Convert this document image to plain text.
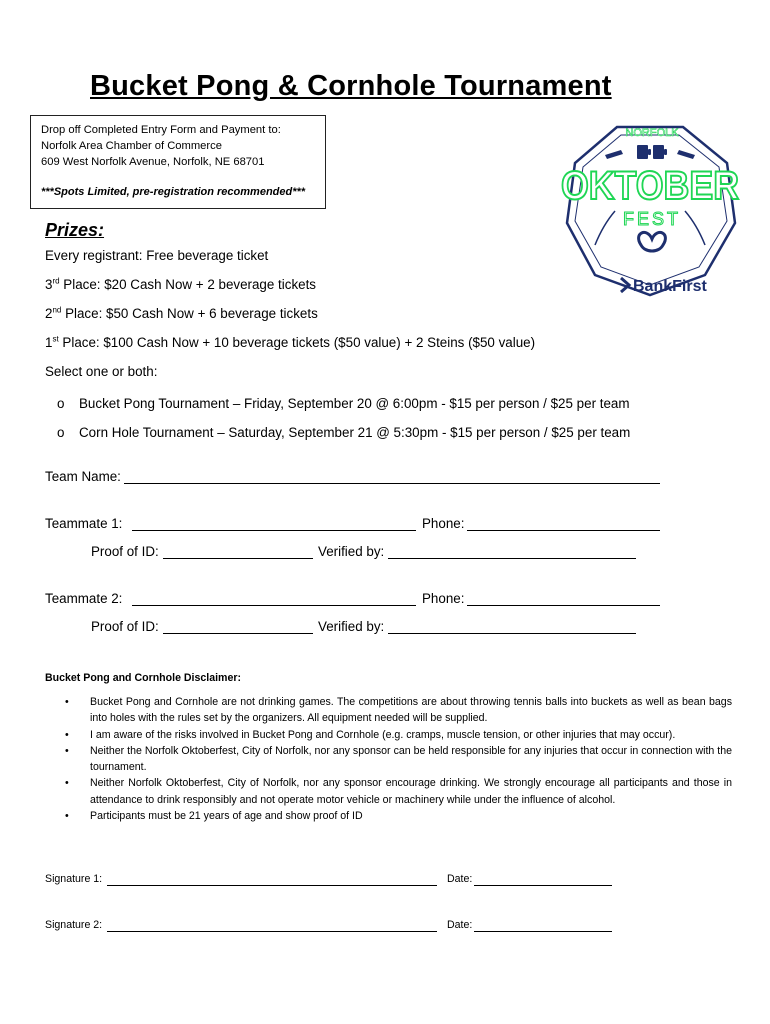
Bucket Pong & Cornhole Tournament
Drop off Completed Entry Form and Payment to:
Norfolk Area Chamber of Commerce
609 West Norfolk Avenue, Norfolk, NE 68701
***Spots Limited, pre-registration recommended***
NORFOLK
OKTOBER
FEST
BankFirst
Prizes:
Every registrant: Free beverage ticket
3rd Place: $20 Cash Now + 2 beverage tickets
2nd Place: $50 Cash Now + 6 beverage tickets
1st Place: $100 Cash Now + 10 beverage tickets ($50 value) + 2 Steins ($50 value)
Select one or both:
o Bucket Pong Tournament – Friday, September 20 @ 6:00pm - $15 per person / $25 per team
o Corn Hole Tournament – Saturday, September 21 @ 5:30pm - $15 per person / $25 per team
Team Name:
Teammate 1:	Phone:
Proof of ID:	Verified by:
Teammate 2:	Phone:
Proof of ID:	Verified by:
Bucket Pong and Cornhole Disclaimer:
• Bucket Pong and Cornhole are not drinking games. The competitions are about throwing tennis balls into buckets as well as bean bags into holes with the rules set by the organizers. All equipment needed will be supplied.
• I am aware of the risks involved in Bucket Pong and Cornhole (e.g. cramps, muscle tension, or other injuries that may occur).
• Neither the Norfolk Oktoberfest, City of Norfolk, nor any sponsor can be held responsible for any injuries that occur in connection with the tournament.
• Neither Norfolk Oktoberfest, City of Norfolk, nor any sponsor encourage drinking. We strongly encourage all participants and those in attendance to drink responsibly and not operate motor vehicle or machinery while under the influence of alcohol.
• Participants must be 21 years of age and show proof of ID
Signature 1:	Date:
Signature 2:	Date:
